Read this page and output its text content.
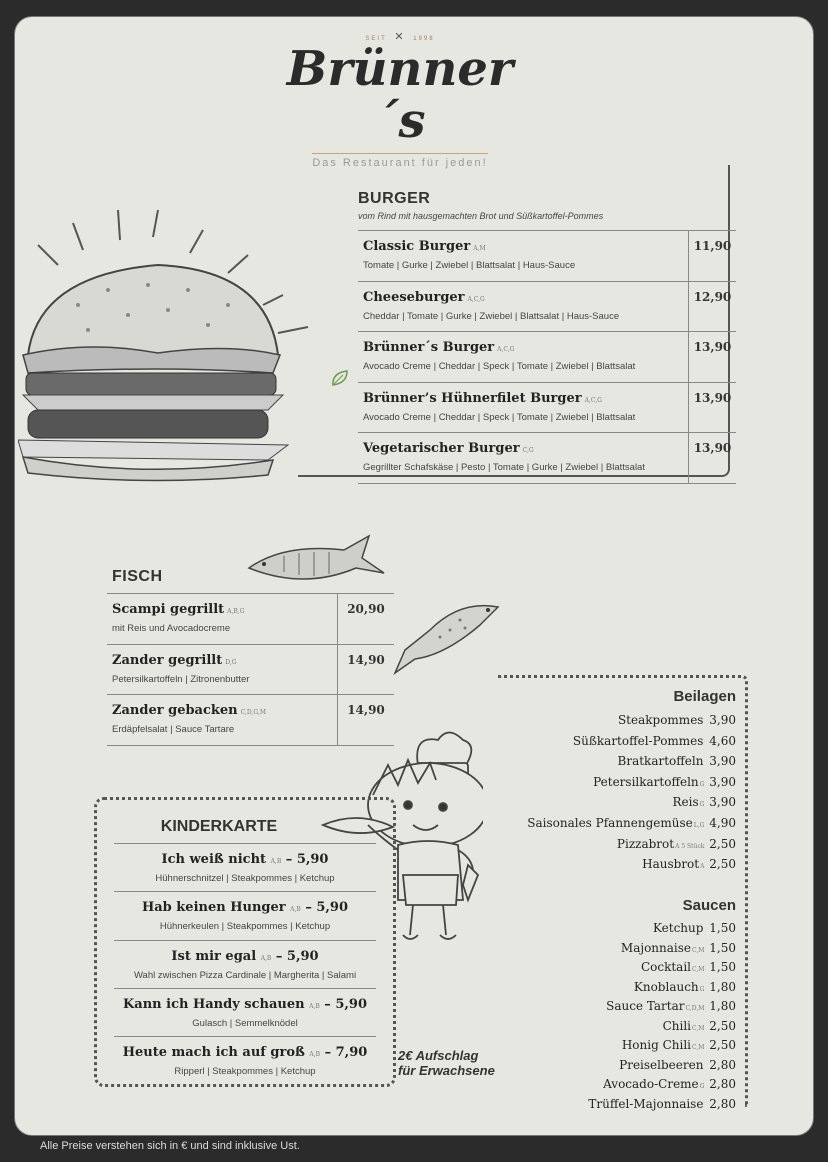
SEIT ✕ 1998
Brünner´s
Das Restaurant für jeden!
BURGER
vom Rind mit hausgemachten Brot und Süßkartoffel-Pommes
Classic Burger A,M
Tomate | Gurke | Zwiebel | Blattsalat | Haus-Sauce
11,90
Cheeseburger A,C,G
Cheddar | Tomate | Gurke | Zwiebel | Blattsalat | Haus-Sauce
12,90
Brünner´s Burger A,C,G
Avocado Creme | Cheddar | Speck | Tomate | Zwiebel | Blattsalat
13,90
Brünner’s Hühnerfilet Burger A,C,G
Avocado Creme | Cheddar | Speck | Tomate | Zwiebel | Blattsalat
13,90
Vegetarischer Burger C,G
Gegrillter Schafskäse | Pesto | Tomate | Gurke | Zwiebel | Blattsalat
13,90
FISCH
Scampi gegrillt A,B,G
mit Reis und Avocadocreme
20,90
Zander gegrillt D,G
Petersilkartoffeln | Zitronenbutter
14,90
Zander gebacken C,D,G,M
Erdäpfelsalat | Sauce Tartare
14,90
Beilagen
Steakpommes 3,90
Süßkartoffel-Pommes 4,60
Bratkartoffeln 3,90
PetersilkartoffelnG 3,90
ReisG 3,90
Saisonales PfannengemüseL,G 4,90
PizzabrotA 5 Stück 2,50
HausbrotA 2,50
Saucen
Ketchup 1,50
MajonnaiseC,M 1,50
CocktailC,M 1,50
KnoblauchG 1,80
Sauce TartarC,D,M 1,80
ChiliC,M 2,50
Honig ChiliC,M 2,50
Preiselbeeren 2,80
Avocado-CremeG 2,80
Trüffel-Majonnaise 2,80
KINDERKARTE
Ich weiß nicht A,B – 5,90
Hühnerschnitzel | Steakpommes | Ketchup
Hab keinen Hunger A,B – 5,90
Hühnerkeulen | Steakpommes | Ketchup
Ist mir egal A,B – 5,90
Wahl zwischen Pizza Cardinale | Margherita | Salami
Kann ich Handy schauen A,B – 5,90
Gulasch | Semmelknödel
Heute mach ich auf groß A,B – 7,90
Ripperl | Steakpommes | Ketchup
2€ Aufschlag
für Erwachsene
Alle Preise verstehen sich in € und sind inklusive Ust.
